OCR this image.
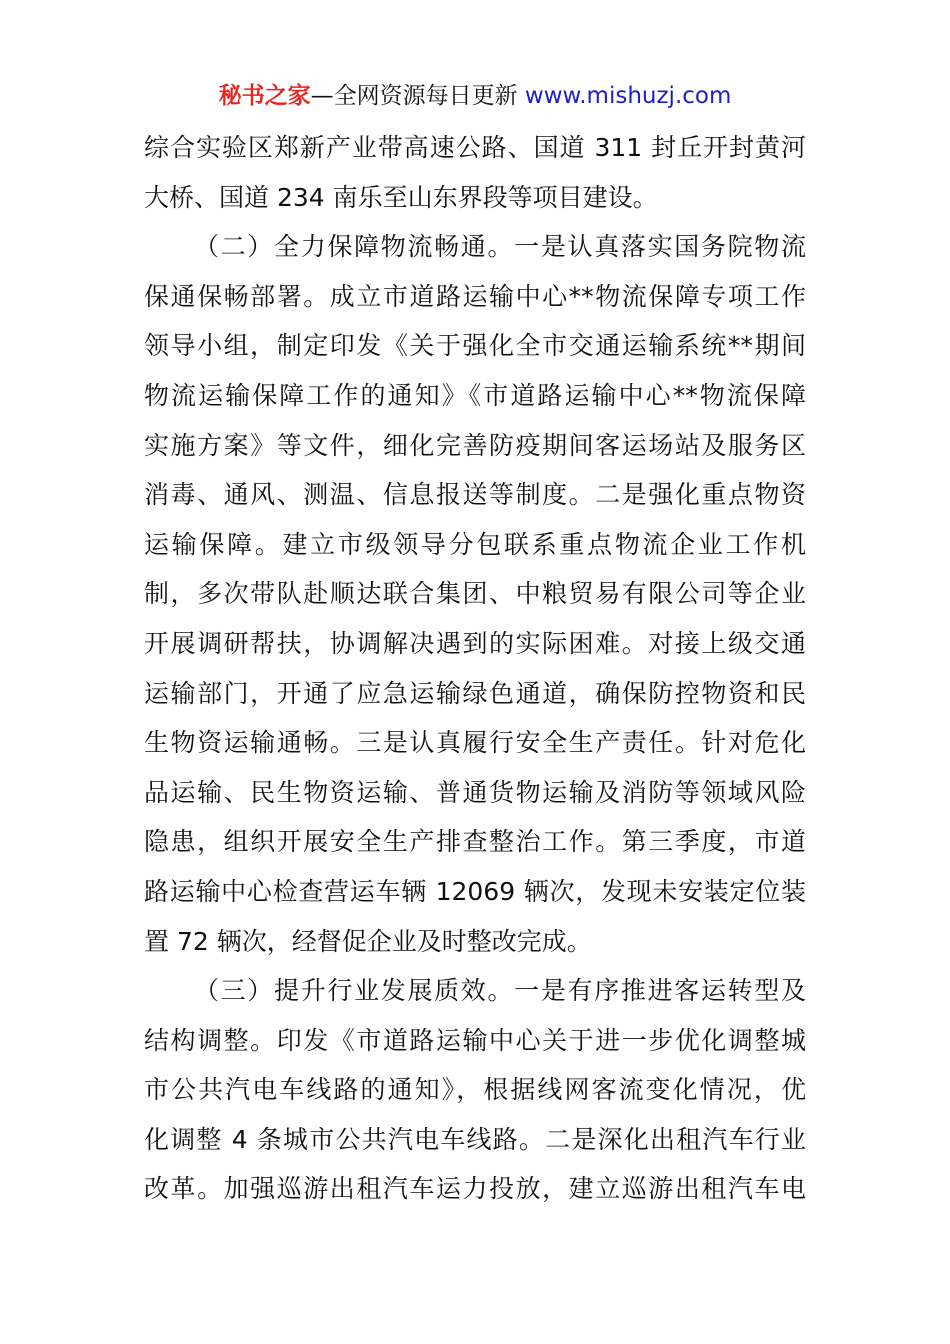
秘书之家—全网资源每日更新 www.mishuzj.com
综合实验区郑新产业带高速公路、国道 311 封丘开封黄河
大桥、国道 234 南乐至山东界段等项目建设。
（二）全力保障物流畅通。一是认真落实国务院物流
保通保畅部署。成立市道路运输中心**物流保障专项工作
领导小组，制定印发《关于强化全市交通运输系统**期间
物流运输保障工作的通知》《市道路运输中心**物流保障
实施方案》等文件，细化完善防疫期间客运场站及服务区
消毒、通风、测温、信息报送等制度。二是强化重点物资
运输保障。建立市级领导分包联系重点物流企业工作机
制，多次带队赴顺达联合集团、中粮贸易有限公司等企业
开展调研帮扶，协调解决遇到的实际困难。对接上级交通
运输部门，开通了应急运输绿色通道，确保防控物资和民
生物资运输通畅。三是认真履行安全生产责任。针对危化
品运输、民生物资运输、普通货物运输及消防等领域风险
隐患，组织开展安全生产排查整治工作。第三季度，市道
路运输中心检查营运车辆 12069 辆次，发现未安装定位装
置 72 辆次，经督促企业及时整改完成。
（三）提升行业发展质效。一是有序推进客运转型及
结构调整。印发《市道路运输中心关于进一步优化调整城
市公共汽电车线路的通知》，根据线网客流变化情况，优
化调整 4 条城市公共汽电车线路。二是深化出租汽车行业
改革。加强巡游出租汽车运力投放，建立巡游出租汽车电
